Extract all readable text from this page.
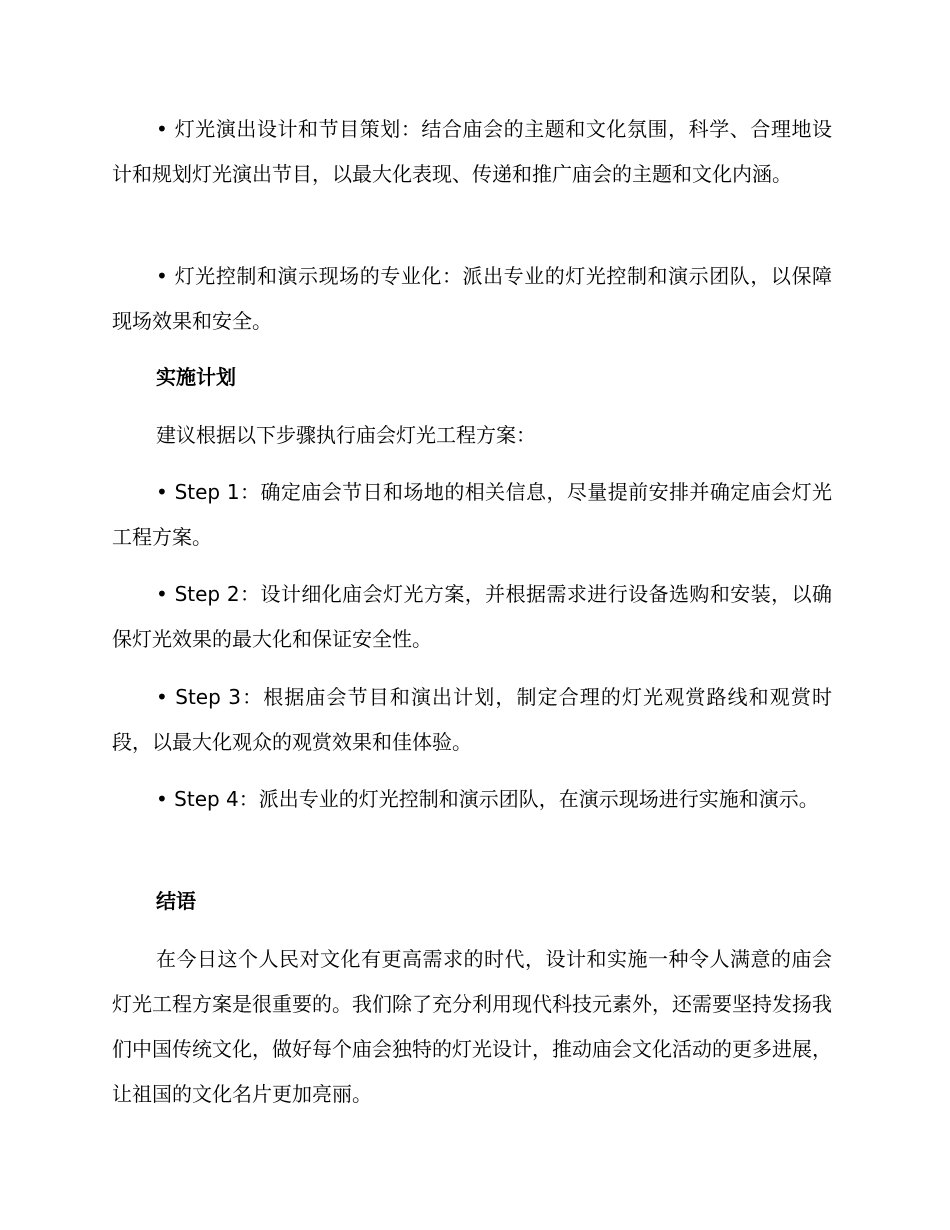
• 灯光演出设计和节目策划：结合庙会的主题和文化氛围，科学、合理地设计和规划灯光演出节目，以最大化表现、传递和推广庙会的主题和文化内涵。

• 灯光控制和演示现场的专业化：派出专业的灯光控制和演示团队，以保障现场效果和安全。

实施计划

建议根据以下步骤执行庙会灯光工程方案：

• Step 1：确定庙会节日和场地的相关信息，尽量提前安排并确定庙会灯光工程方案。

• Step 2：设计细化庙会灯光方案，并根据需求进行设备选购和安装，以确保灯光效果的最大化和保证安全性。

• Step 3：根据庙会节目和演出计划，制定合理的灯光观赏路线和观赏时段，以最大化观众的观赏效果和佳体验。

• Step 4：派出专业的灯光控制和演示团队，在演示现场进行实施和演示。

结语

在今日这个人民对文化有更高需求的时代，设计和实施一种令人满意的庙会灯光工程方案是很重要的。我们除了充分利用现代科技元素外，还需要坚持发扬我们中国传统文化，做好每个庙会独特的灯光设计，推动庙会文化活动的更多进展，让祖国的文化名片更加亮丽。
